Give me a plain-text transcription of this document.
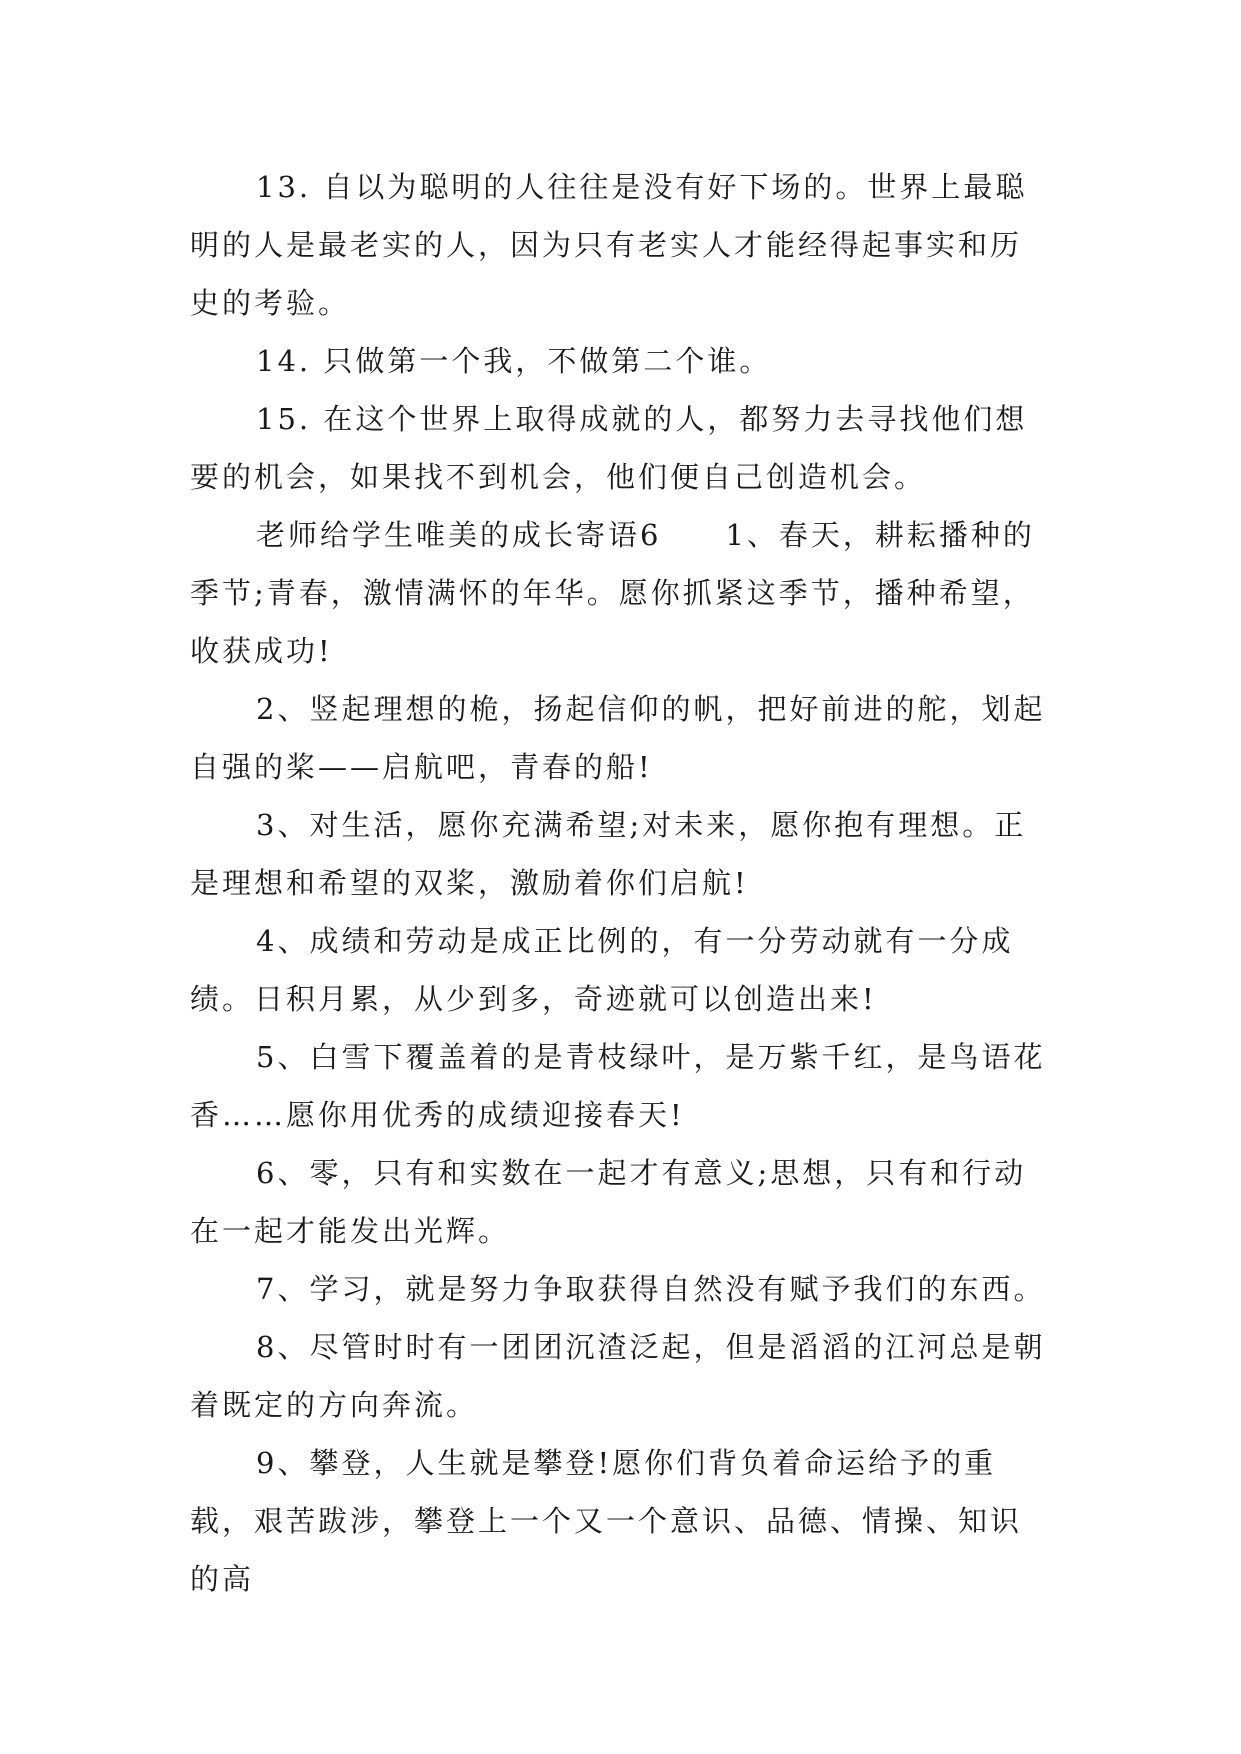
13. 自以为聪明的人往往是没有好下场的。世界上最聪明的人是最老实的人，因为只有老实人才能经得起事实和历史的考验。

14. 只做第一个我，不做第二个谁。

15. 在这个世界上取得成就的人，都努力去寻找他们想要的机会，如果找不到机会，他们便自己创造机会。

老师给学生唯美的成长寄语6　　1、春天，耕耘播种的季节;青春，激情满怀的年华。愿你抓紧这季节，播种希望，收获成功!

2、竖起理想的桅，扬起信仰的帆，把好前进的舵，划起自强的桨——启航吧，青春的船!

3、对生活，愿你充满希望;对未来，愿你抱有理想。正是理想和希望的双桨，激励着你们启航!

4、成绩和劳动是成正比例的，有一分劳动就有一分成绩。日积月累，从少到多，奇迹就可以创造出来!

5、白雪下覆盖着的是青枝绿叶，是万紫千红，是鸟语花香……愿你用优秀的成绩迎接春天!

6、零，只有和实数在一起才有意义;思想，只有和行动在一起才能发出光辉。

7、学习，就是努力争取获得自然没有赋予我们的东西。

8、尽管时时有一团团沉渣泛起，但是滔滔的江河总是朝着既定的方向奔流。

9、攀登，人生就是攀登!愿你们背负着命运给予的重载，艰苦跋涉，攀登上一个又一个意识、品德、情操、知识的高
